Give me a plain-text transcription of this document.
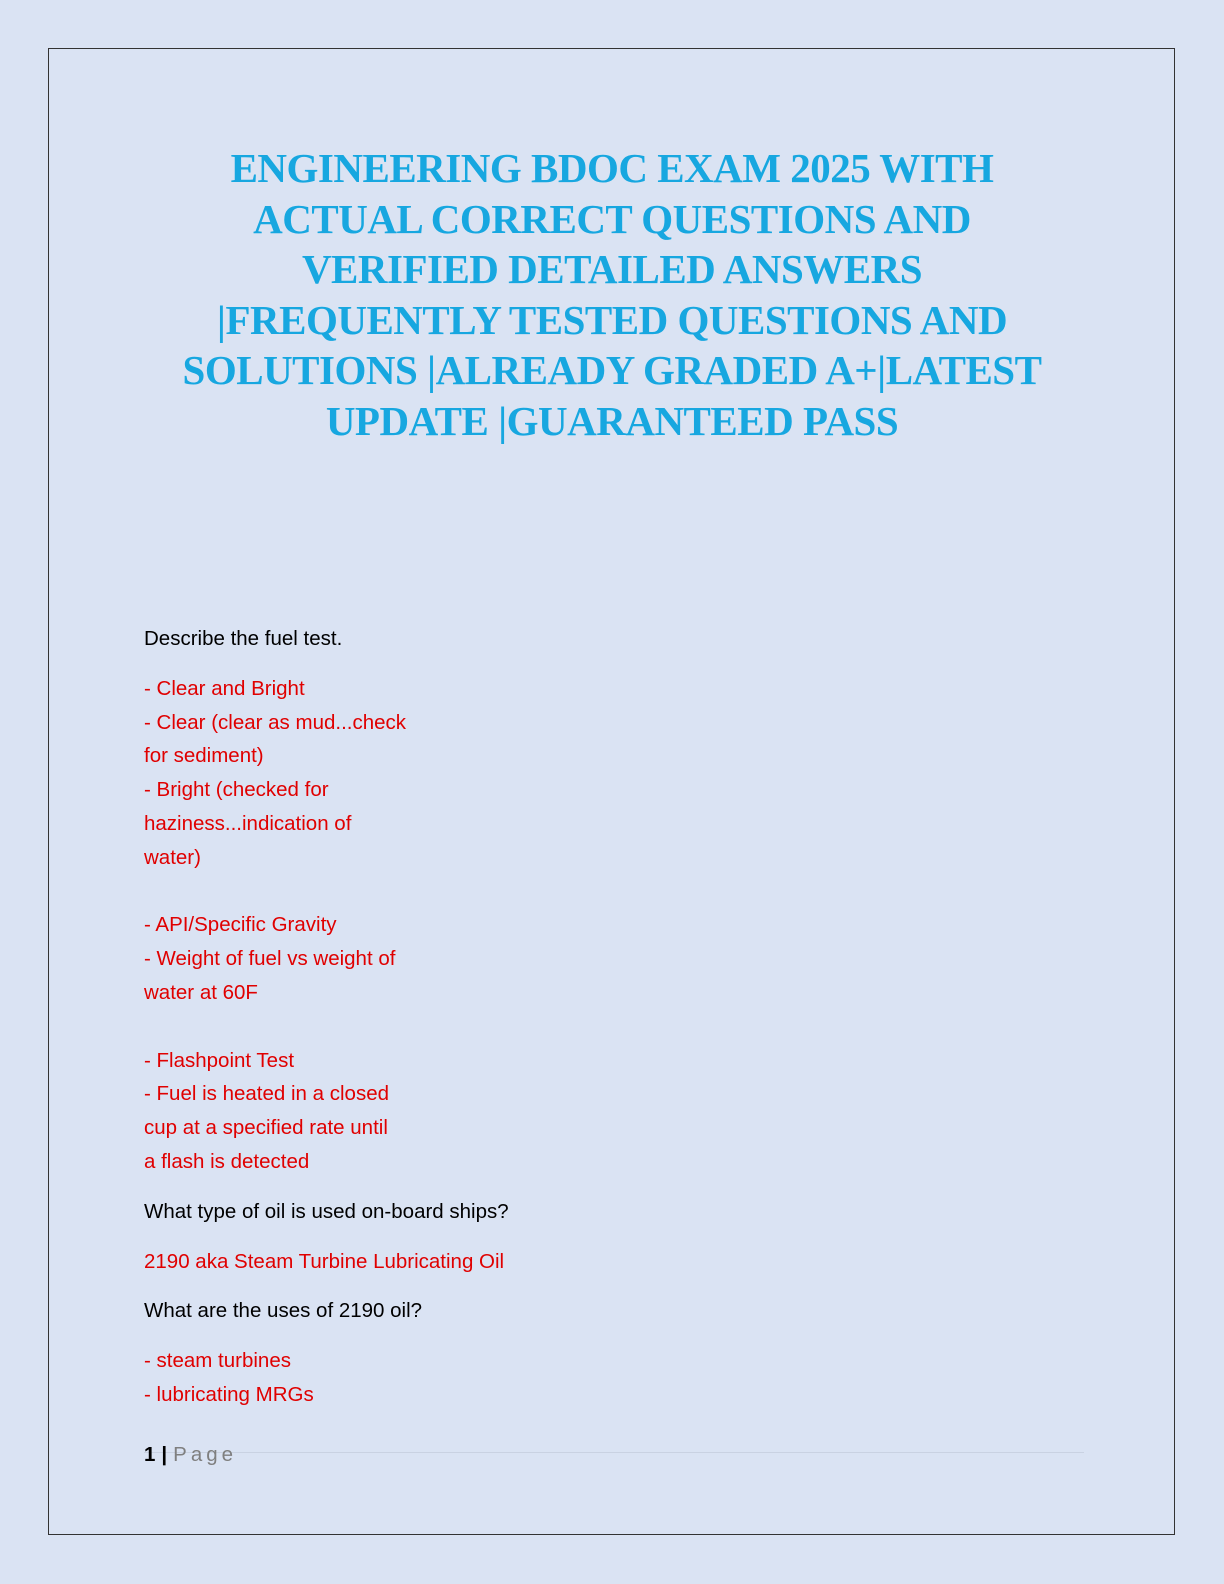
ENGINEERING BDOC EXAM 2025 WITH
ACTUAL CORRECT QUESTIONS AND
VERIFIED DETAILED ANSWERS
|FREQUENTLY TESTED QUESTIONS AND
SOLUTIONS |ALREADY GRADED A+|LATEST
UPDATE |GUARANTEED PASS

Describe the fuel test.

- Clear and Bright
- Clear (clear as mud...check
for sediment)
- Bright (checked for
haziness...indication of
water)
- API/Specific Gravity
- Weight of fuel vs weight of
water at 60F
- Flashpoint Test
- Fuel is heated in a closed
cup at a specified rate until
a flash is detected

What type of oil is used on-board ships?

2190 aka Steam Turbine Lubricating Oil

What are the uses of 2190 oil?

- steam turbines
- lubricating MRGs
1 | Page
